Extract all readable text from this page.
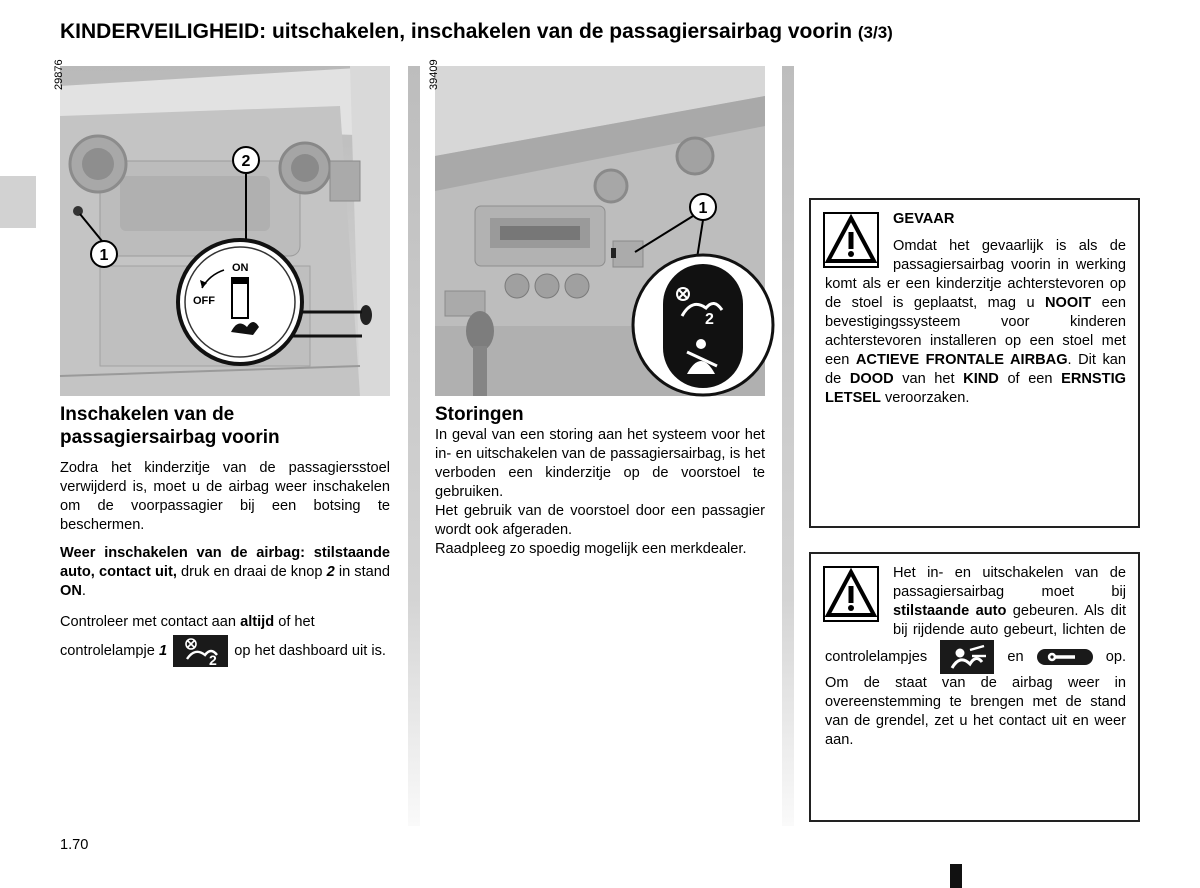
KINDERVEILIGHEID: uitschakelen, inschakelen van de passagiersairbag voorin (3/3)
ON
OFF
2
1
29876
2
1
39409
Inschakelen van de
passagiersairbag voorin
Zodra het kinderzitje van de passagiersstoel verwijderd is, moet u de airbag weer inschakelen om de voorpassagier bij een botsing te beschermen.
Weer inschakelen van de airbag: stilstaande auto, contact uit, druk en draai de knop 2 in stand ON.
Controleer met contact aan altijd of het controlelampje 1
2
op het dashboard uit is.
Storingen
In geval van een storing aan het systeem voor het in- en uitschakelen van de passagiersairbag, is het verboden een kinderzitje op de voorstoel te gebruiken.
Het gebruik van de voorstoel door een passagier wordt ook afgeraden.
Raadpleeg zo spoedig mogelijk een merkdealer.
GEVAAR
Omdat het gevaarlijk is als de passagiersairbag voorin in werking komt als er een kinderzitje achterstevoren op de stoel is geplaatst, mag u NOOIT een bevestigingssysteem voor kinderen achterstevoren installeren op een stoel met een ACTIEVE FRONTALE AIRBAG. Dit kan de DOOD van het KIND of een ERNSTIG LETSEL veroorzaken.
Het in- en uitschakelen van de passagiersairbag moet bij stilstaande auto gebeuren. Als dit bij rijdende auto gebeurt, lichten de controlelampjes	en	op. Om de staat van de airbag weer in overeenstemming te brengen met de stand van de grendel, zet u het contact uit en weer aan.
1.70
